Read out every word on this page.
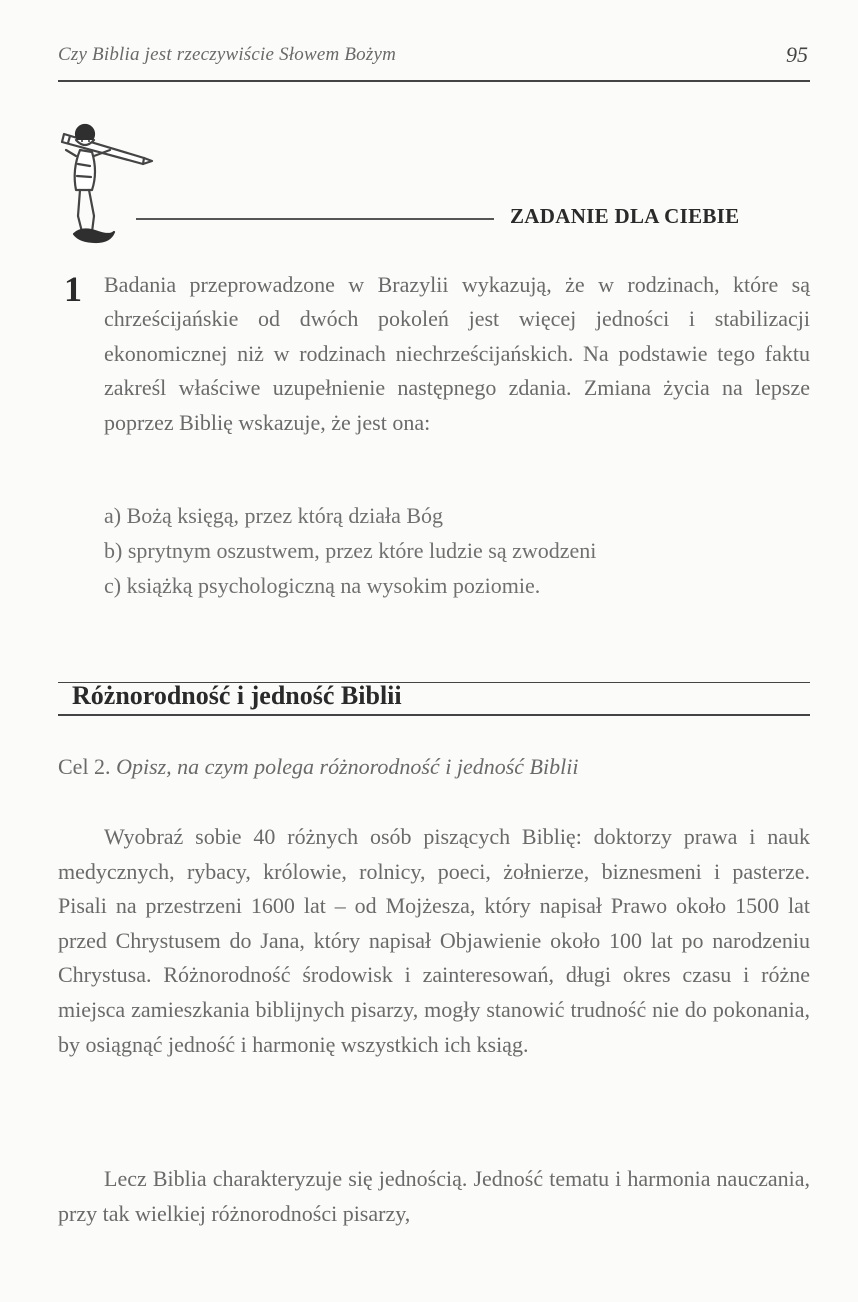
Czy Biblia jest rzeczywiście Słowem Bożym	95
ZADANIE DLA CIEBIE
1 Badania przeprowadzone w Brazylii wykazują, że w rodzinach, które są chrześcijańskie od dwóch pokoleń jest więcej jedności i stabilizacji ekonomicznej niż w rodzinach niechrześcijańskich. Na podstawie tego faktu zakreśl właściwe uzupełnienie następnego zdania. Zmiana życia na lepsze poprzez Biblię wskazuje, że jest ona:
a) Bożą księgą, przez którą działa Bóg
b) sprytnym oszustwem, przez które ludzie są zwodzeni
c) książką psychologiczną na wysokim poziomie.
Różnorodność i jedność Biblii
Cel 2. Opisz, na czym polega różnorodność i jedność Biblii
Wyobraź sobie 40 różnych osób piszących Biblię: doktorzy prawa i nauk medycznych, rybacy, królowie, rolnicy, poeci, żołnierze, biznesmeni i pasterze. Pisali na przestrzeni 1600 lat – od Mojżesza, który napisał Prawo około 1500 lat przed Chrystusem do Jana, który napisał Objawienie około 100 lat po narodzeniu Chrystusa. Różnorodność środowisk i zainteresowań, długi okres czasu i różne miejsca zamieszkania biblijnych pisarzy, mogły stanowić trudność nie do pokonania, by osiągnąć jedność i harmonię wszystkich ich ksiąg.
Lecz Biblia charakteryzuje się jednością. Jedność tematu i harmonia nauczania, przy tak wielkiej różnorodności pisarzy,
